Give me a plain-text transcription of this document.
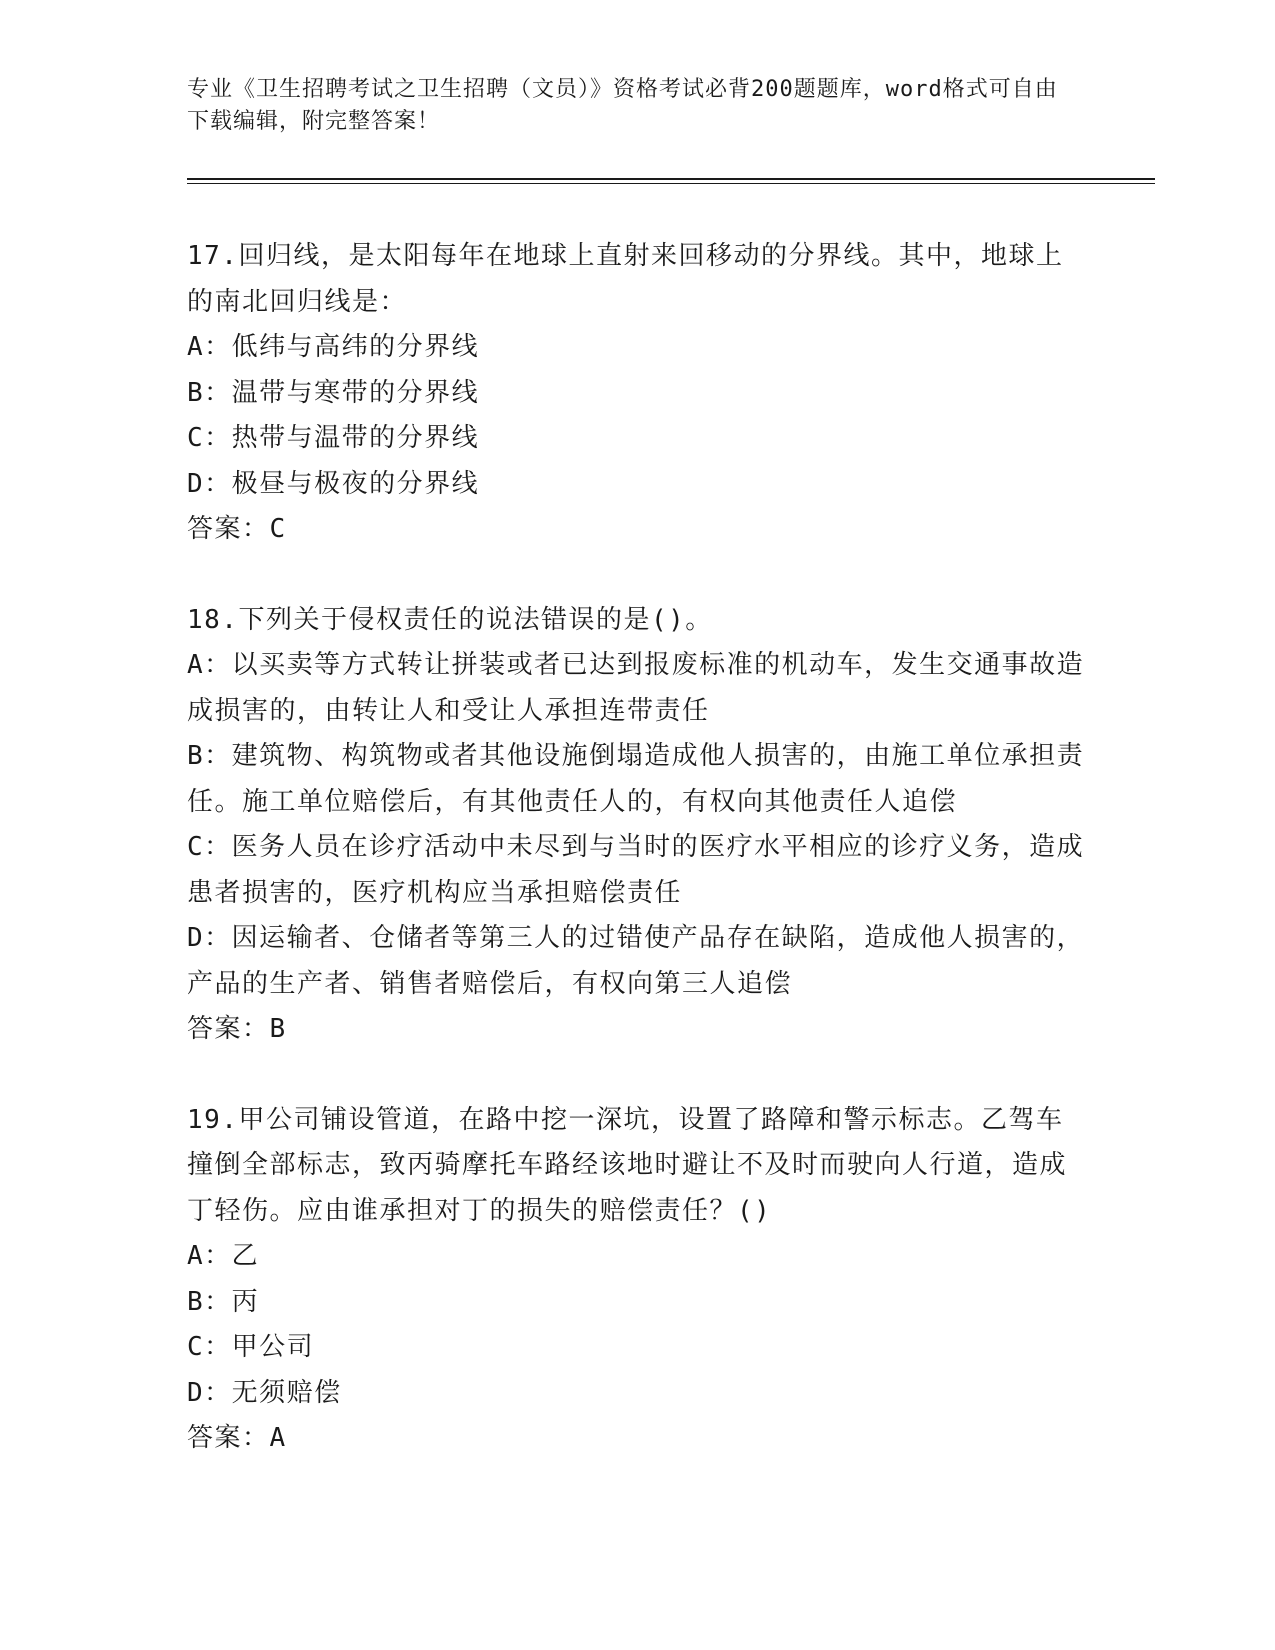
专业《卫生招聘考试之卫生招聘（文员）》资格考试必背200题题库，word格式可自由下载编辑，附完整答案！

17.回归线，是太阳每年在地球上直射来回移动的分界线。其中，地球上的南北回归线是：

A：低纬与高纬的分界线

B：温带与寒带的分界线

C：热带与温带的分界线

D：极昼与极夜的分界线

答案：C

18.下列关于侵权责任的说法错误的是()。

A：以买卖等方式转让拼装或者已达到报废标准的机动车，发生交通事故造成损害的，由转让人和受让人承担连带责任

B：建筑物、构筑物或者其他设施倒塌造成他人损害的，由施工单位承担责任。施工单位赔偿后，有其他责任人的，有权向其他责任人追偿

C：医务人员在诊疗活动中未尽到与当时的医疗水平相应的诊疗义务，造成患者损害的，医疗机构应当承担赔偿责任

D：因运输者、仓储者等第三人的过错使产品存在缺陷，造成他人损害的，产品的生产者、销售者赔偿后，有权向第三人追偿

答案：B

19.甲公司铺设管道，在路中挖一深坑，设置了路障和警示标志。乙驾车撞倒全部标志，致丙骑摩托车路经该地时避让不及时而驶向人行道，造成丁轻伤。应由谁承担对丁的损失的赔偿责任？()

A：乙

B：丙

C：甲公司

D：无须赔偿

答案：A
